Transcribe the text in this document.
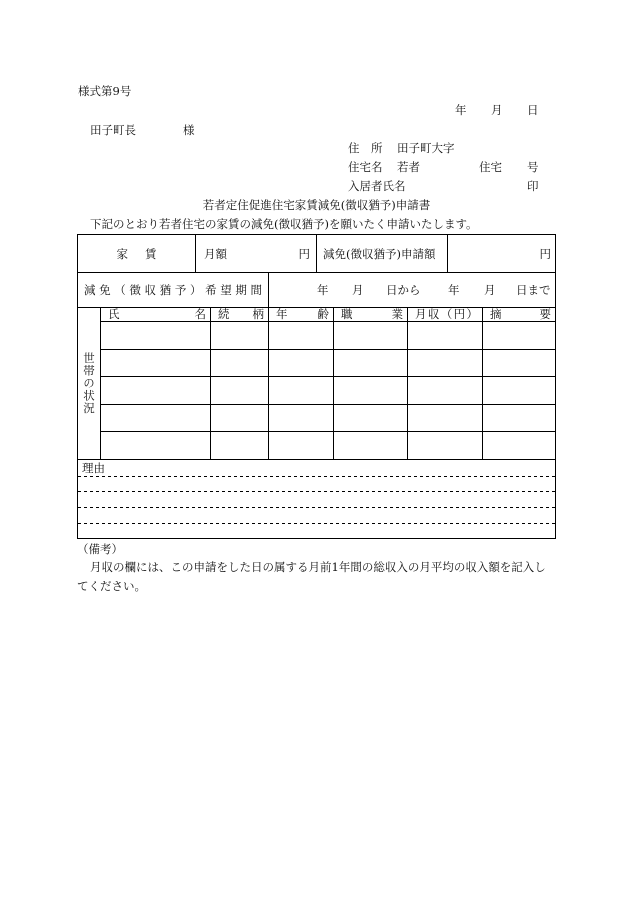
様式第9号
年 月 日
田子町長	様
住　所 田子町大字
住宅名 若者	住宅 号
入居者氏名	印
若者定住促進住宅家賃減免(徴収猶予)申請書
下記のとおり若者住宅の家賃の減免(徴収猶予)を願いたく申請いたします。
家賃	月額	円 減免(徴収猶予)申請額	円
減免（徴収猶予）希望期間	年 月 日から 年 月 日まで
世帯の状況
氏名 続柄 年齢 職業 月収（円） 摘要
理由
（備考）
月収の欄には、この申請をした日の属する月前1年間の総収入の月平均の収入額を記入し
てください。
